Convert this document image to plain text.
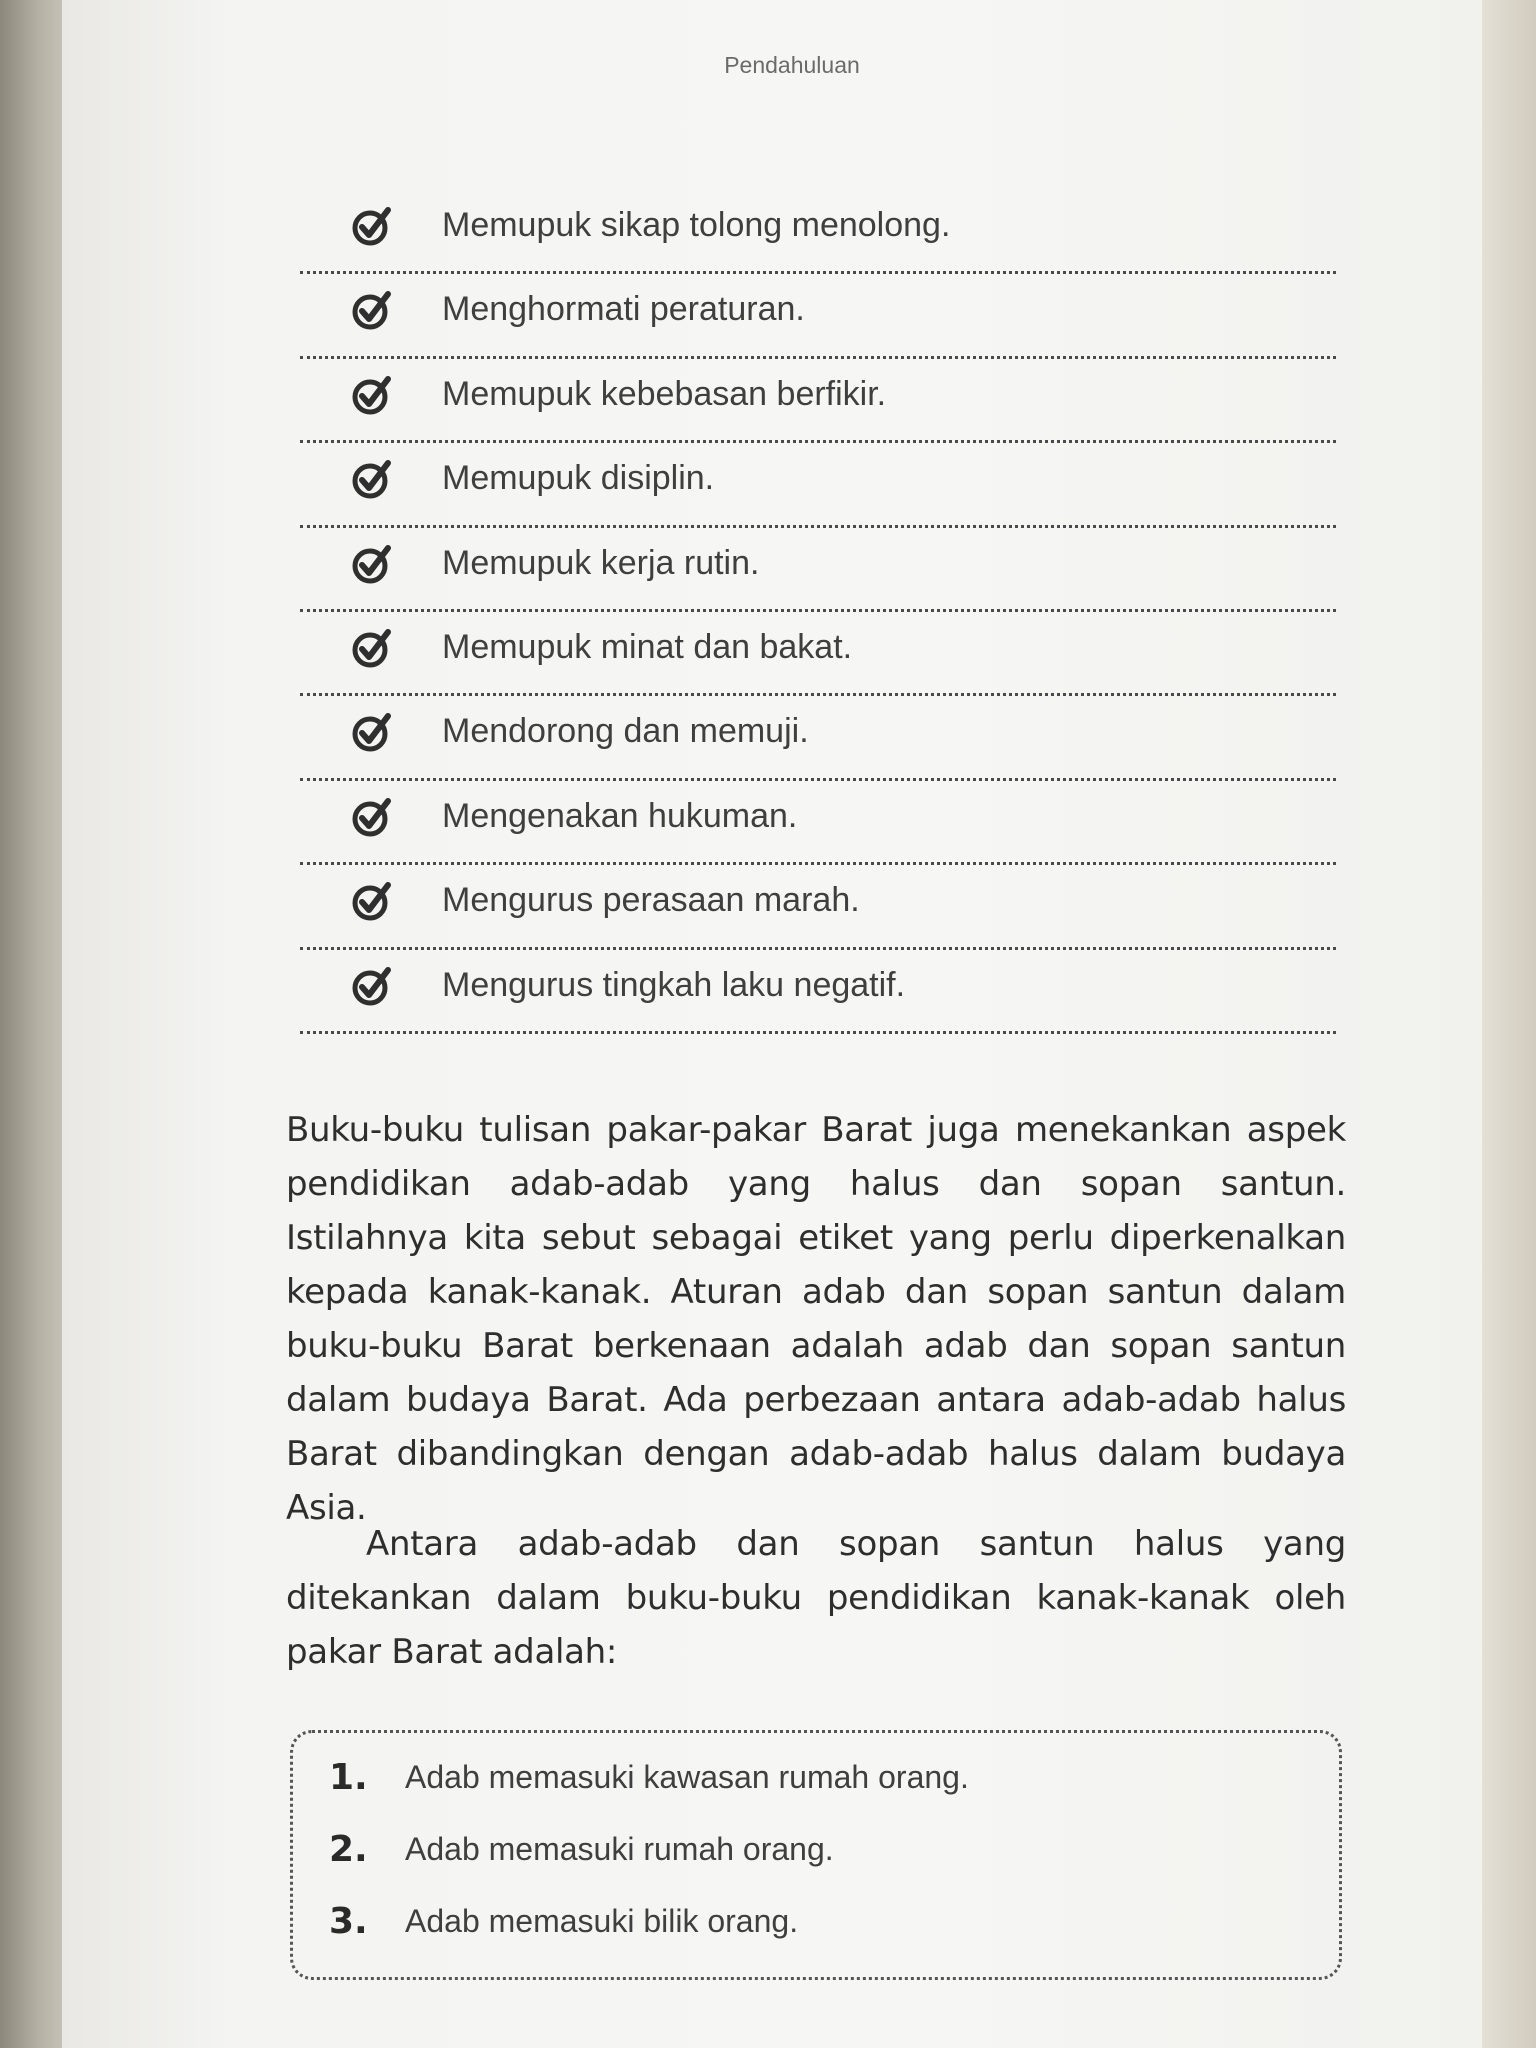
Pendahuluan
Memupuk sikap tolong menolong.
Menghormati peraturan.
Memupuk kebebasan berfikir.
Memupuk disiplin.
Memupuk kerja rutin.
Memupuk minat dan bakat.
Mendorong dan memuji.
Mengenakan hukuman.
Mengurus perasaan marah.
Mengurus tingkah laku negatif.

Buku-buku tulisan pakar-pakar Barat juga menekankan aspek pendidikan adab-adab yang halus dan sopan santun. Istilahnya kita sebut sebagai etiket yang perlu diperkenalkan kepada kanak-kanak. Aturan adab dan sopan santun dalam buku-buku Barat berkenaan adalah adab dan sopan santun dalam budaya Barat. Ada perbezaan antara adab-adab halus Barat dibandingkan dengan adab-adab halus dalam budaya Asia.

Antara adab-adab dan sopan santun halus yang ditekankan dalam buku-buku pendidikan kanak-kanak oleh pakar Barat adalah:

1. Adab memasuki kawasan rumah orang.
2. Adab memasuki rumah orang.
3. Adab memasuki bilik orang.
